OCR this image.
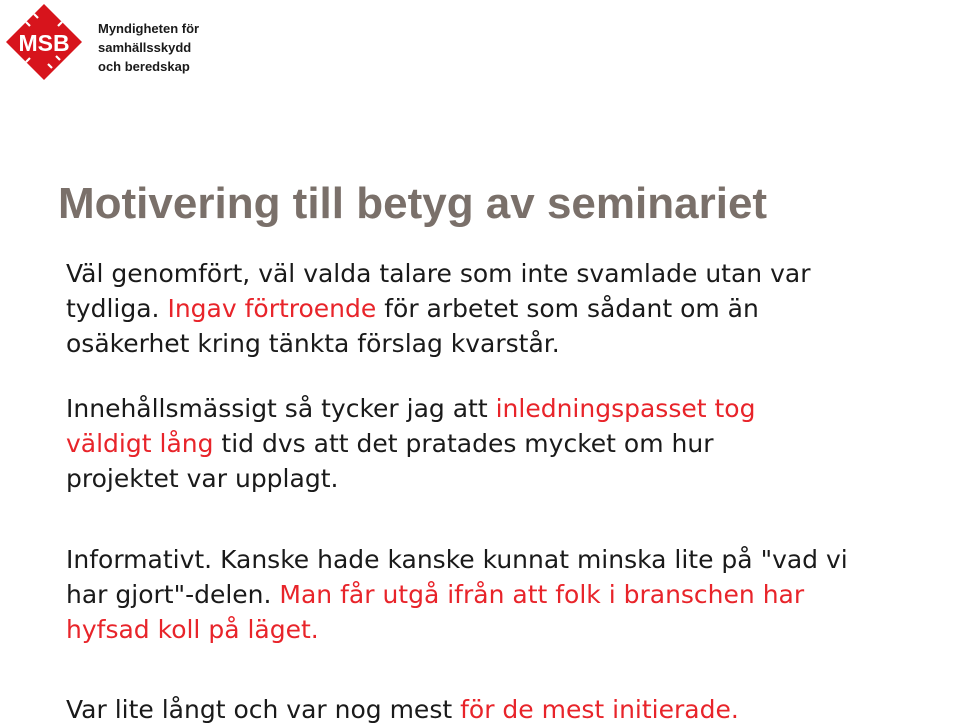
MSB
Myndigheten för
samhällsskydd
och beredskap
Motivering till betyg av seminariet

Väl genomfört, väl valda talare som inte svamlade utan var
tydliga. Ingav förtroende för arbetet som sådant om än
osäkerhet kring tänkta förslag kvarstår.

Innehållsmässigt så tycker jag att inledningspasset tog
väldigt lång tid dvs att det pratades mycket om hur
projektet var upplagt.

Informativt. Kanske hade kanske kunnat minska lite på "vad vi
har gjort"-delen. Man får utgå ifrån att folk i branschen har
hyfsad koll på läget.

Var lite långt och var nog mest för de mest initierade.
